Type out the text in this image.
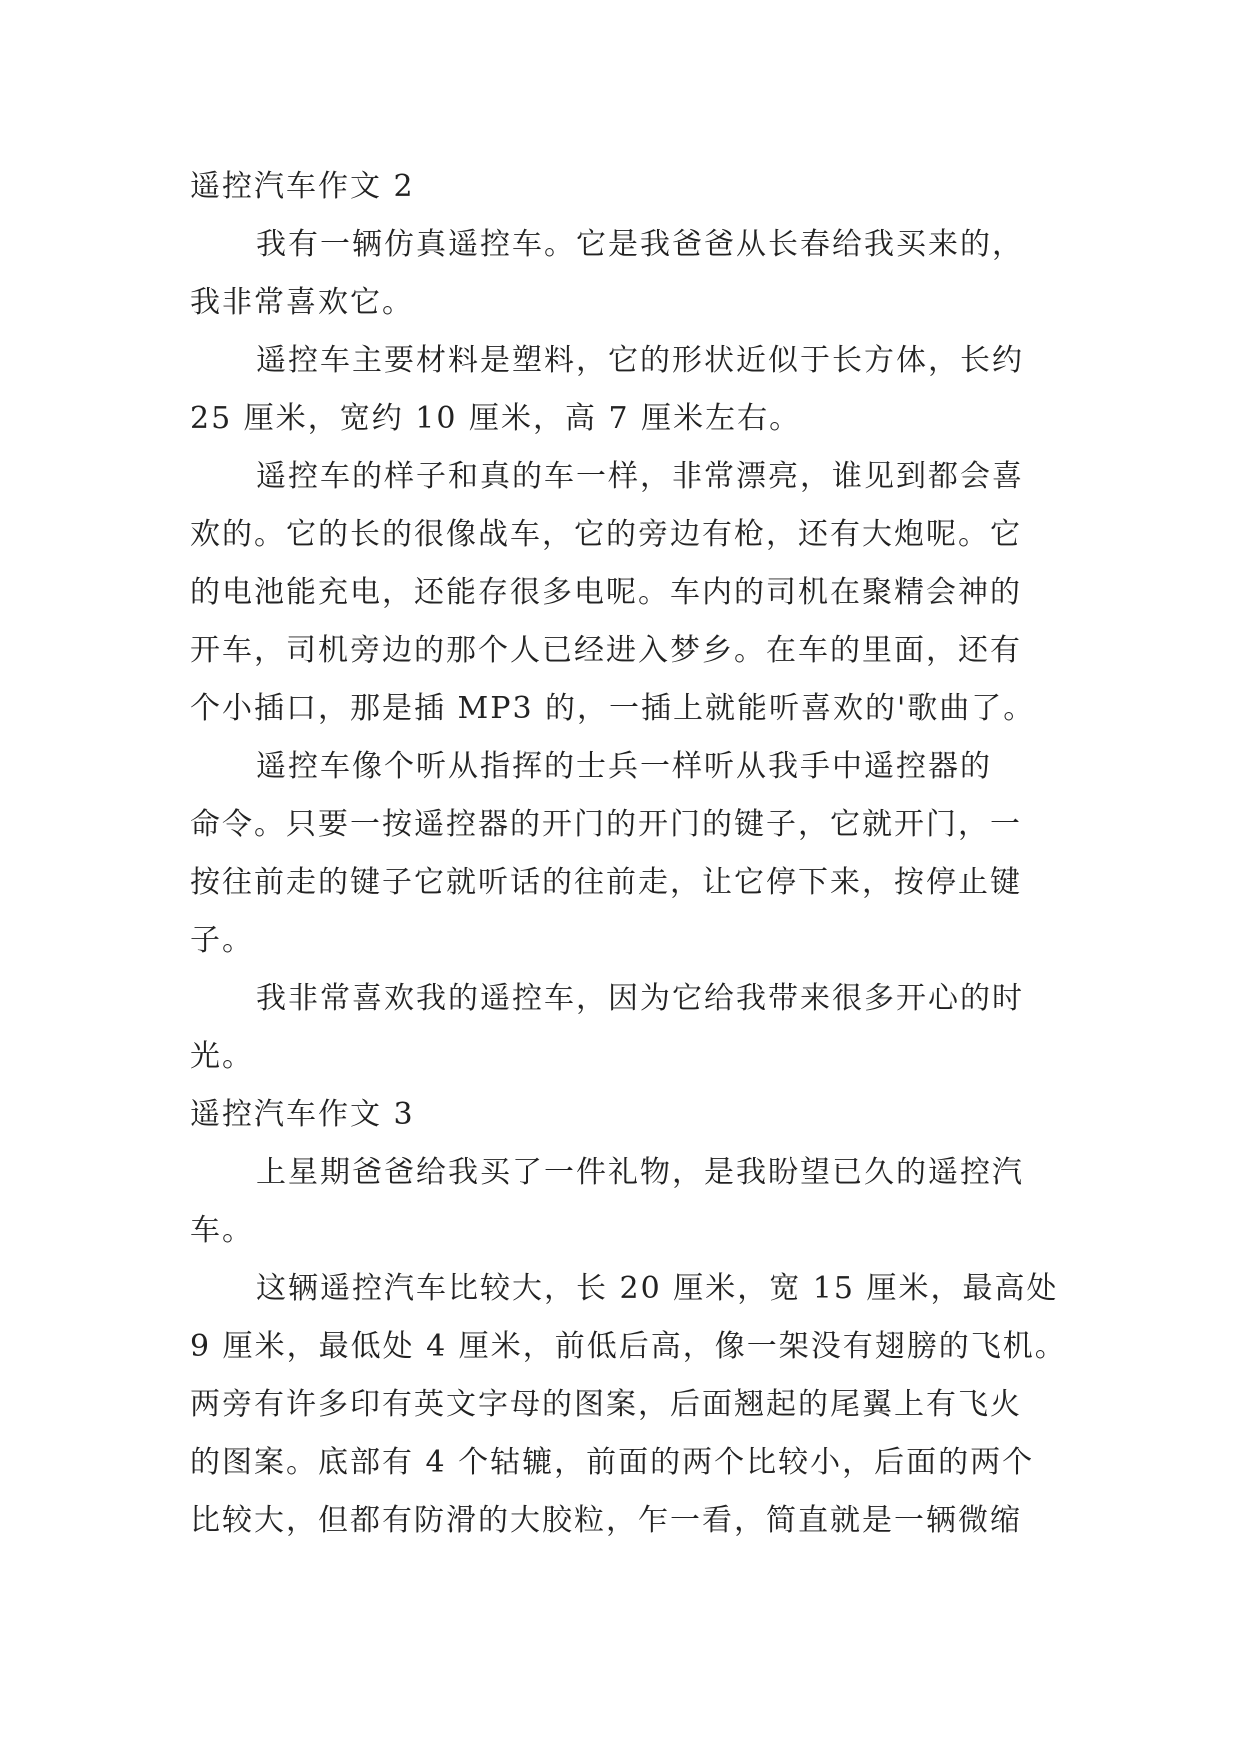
遥控汽车作文 2
我有一辆仿真遥控车。它是我爸爸从长春给我买来的，
我非常喜欢它。
遥控车主要材料是塑料，它的形状近似于长方体，长约
25 厘米，宽约 10 厘米，高 7 厘米左右。
遥控车的样子和真的车一样，非常漂亮，谁见到都会喜
欢的。它的长的很像战车，它的旁边有枪，还有大炮呢。它
的电池能充电，还能存很多电呢。车内的司机在聚精会神的
开车，司机旁边的那个人已经进入梦乡。在车的里面，还有
个小插口，那是插 MP3 的，一插上就能听喜欢的'歌曲了。
遥控车像个听从指挥的士兵一样听从我手中遥控器的
命令。只要一按遥控器的开门的开门的键子，它就开门，一
按往前走的键子它就听话的往前走，让它停下来，按停止键
子。
我非常喜欢我的遥控车，因为它给我带来很多开心的时
光。
遥控汽车作文 3
上星期爸爸给我买了一件礼物，是我盼望已久的遥控汽
车。
这辆遥控汽车比较大，长 20 厘米，宽 15 厘米，最高处
9 厘米，最低处 4 厘米，前低后高，像一架没有翅膀的飞机。
两旁有许多印有英文字母的图案，后面翘起的尾翼上有飞火
的图案。底部有 4 个轱辘，前面的两个比较小，后面的两个
比较大，但都有防滑的大胶粒，乍一看，简直就是一辆微缩
